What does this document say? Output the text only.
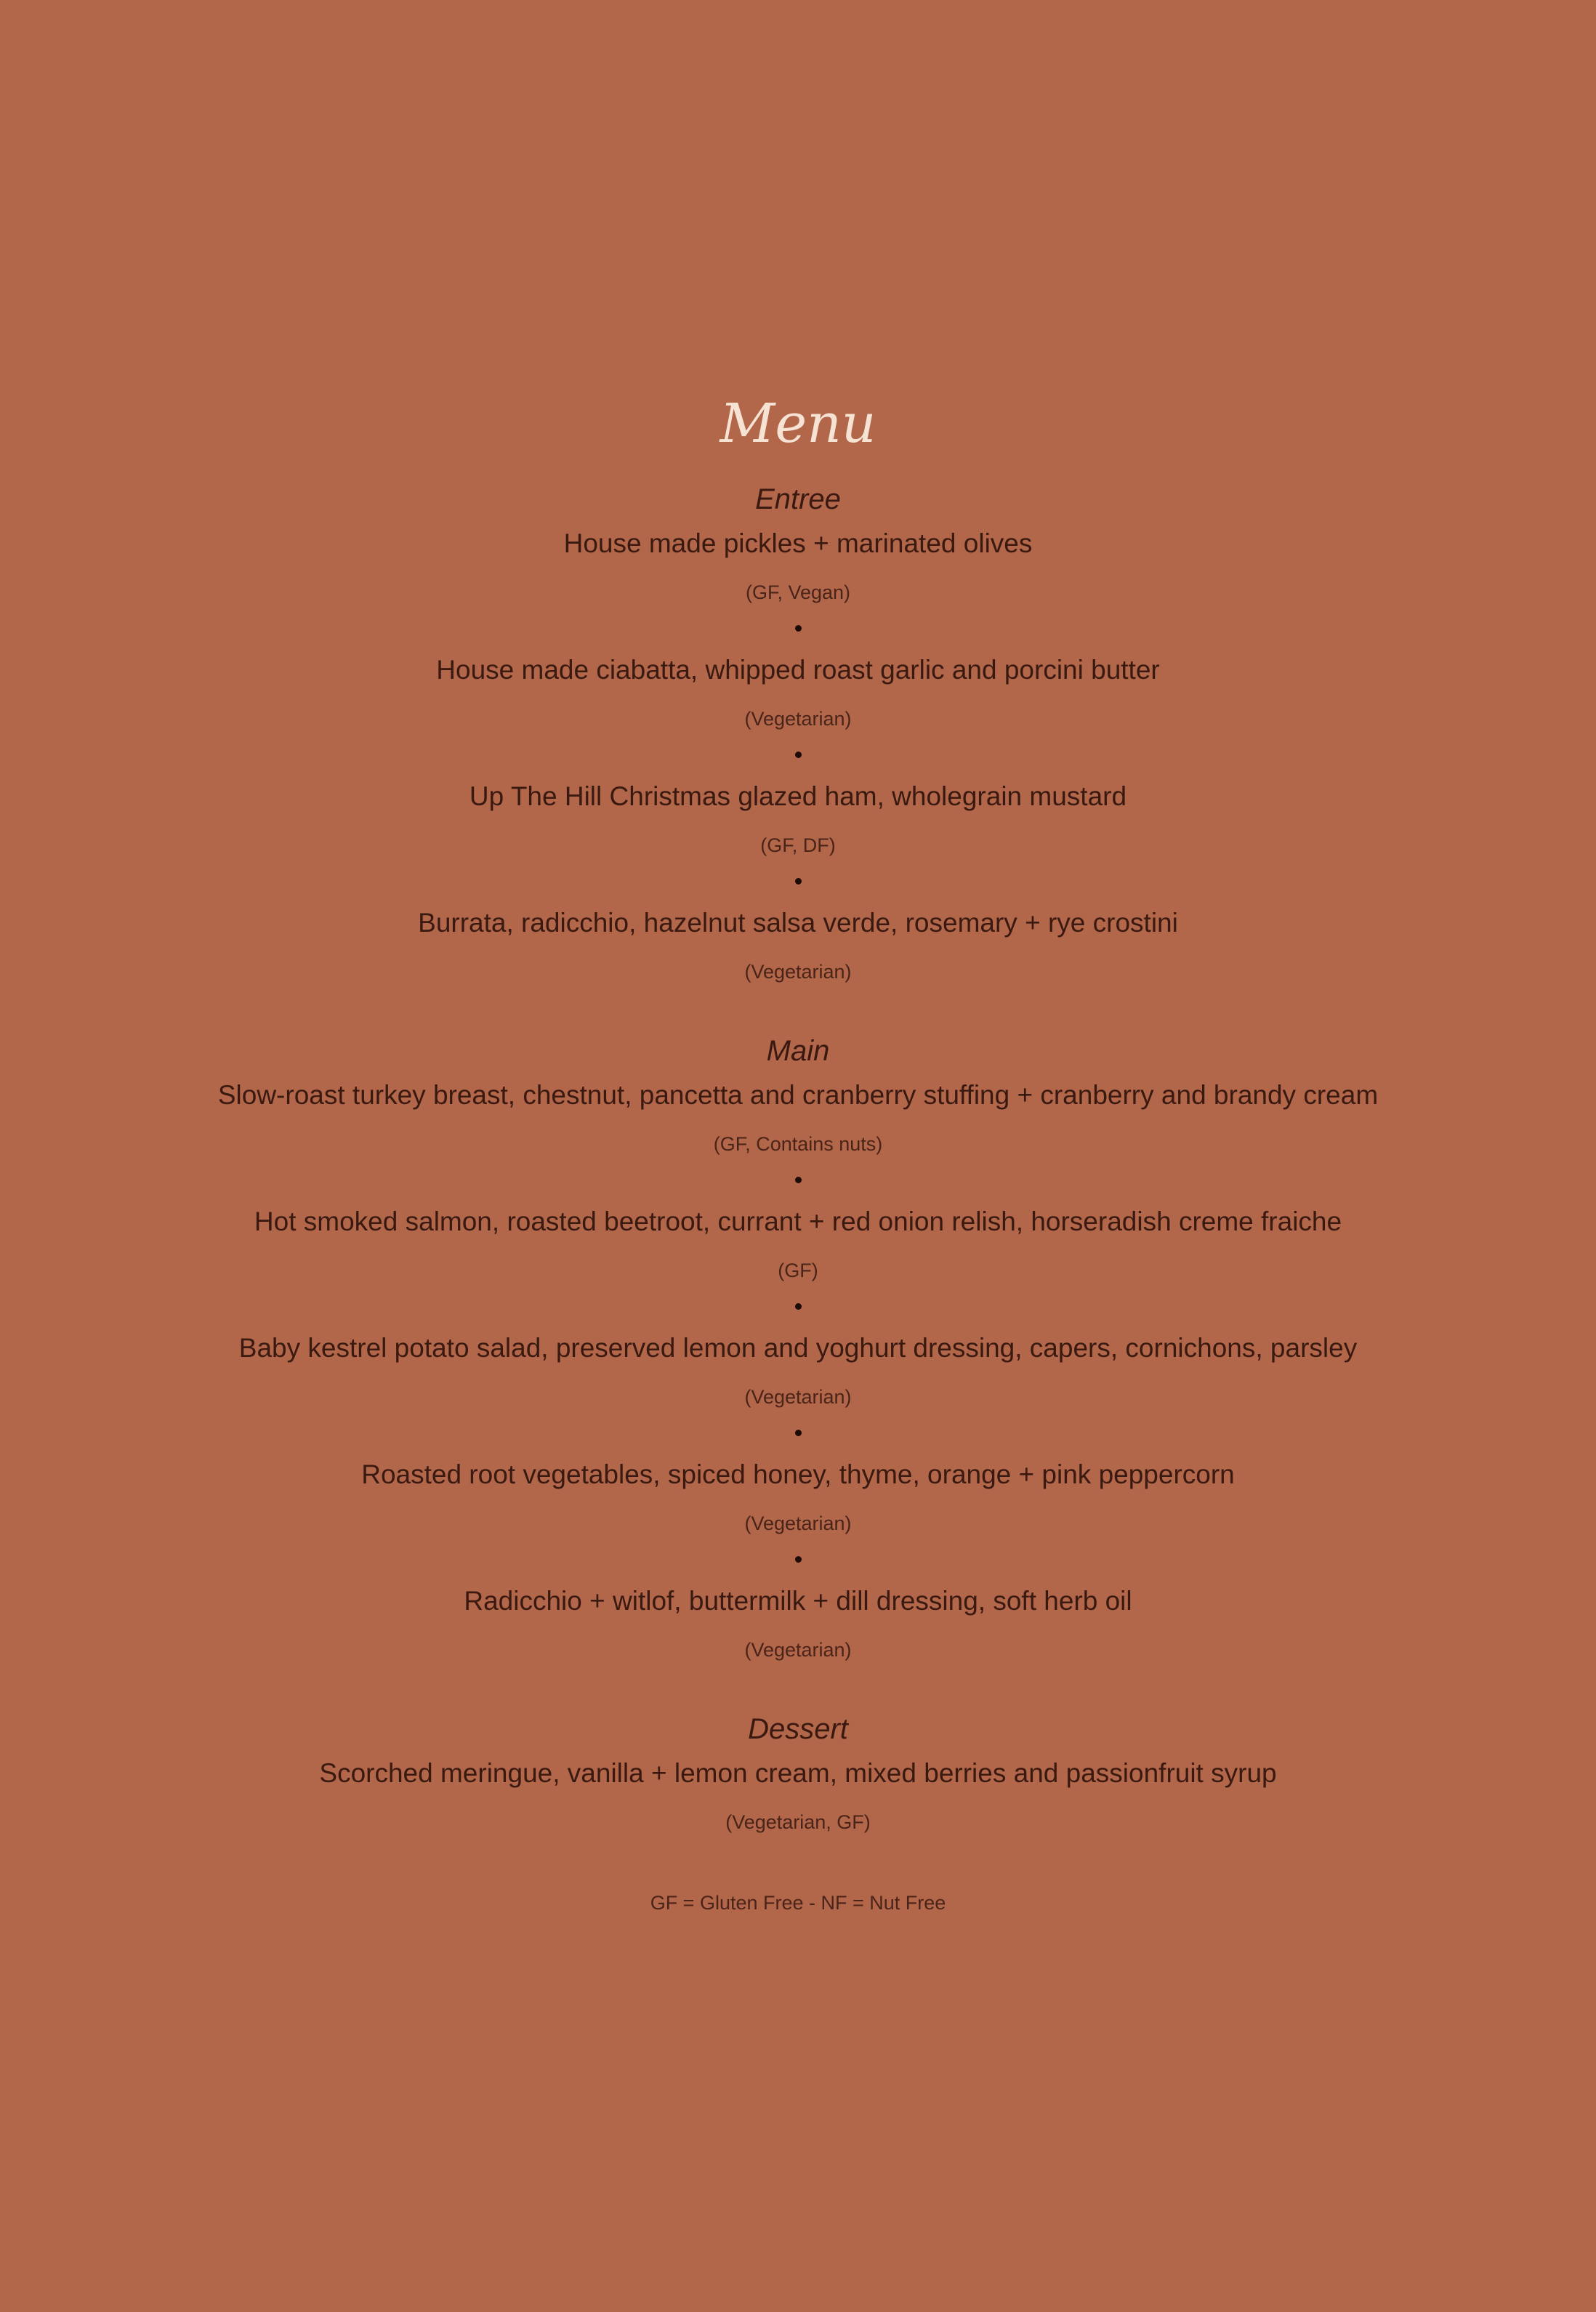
Menu
Entree
House made pickles + marinated olives
(GF, Vegan)
House made ciabatta, whipped roast garlic and porcini butter
(Vegetarian)
Up The Hill Christmas glazed ham, wholegrain mustard
(GF, DF)
Burrata, radicchio, hazelnut salsa verde, rosemary + rye crostini
(Vegetarian)
Main
Slow-roast turkey breast, chestnut, pancetta and cranberry stuffing + cranberry and brandy cream
(GF, Contains nuts)
Hot smoked salmon, roasted beetroot, currant + red onion relish, horseradish creme fraiche
(GF)
Baby kestrel potato salad, preserved lemon and yoghurt dressing, capers, cornichons, parsley
(Vegetarian)
Roasted root vegetables, spiced honey, thyme, orange + pink peppercorn
(Vegetarian)
Radicchio + witlof, buttermilk + dill dressing, soft herb oil
(Vegetarian)
Dessert
Scorched meringue, vanilla + lemon cream, mixed berries and passionfruit syrup
(Vegetarian, GF)
GF = Gluten Free - NF = Nut Free
